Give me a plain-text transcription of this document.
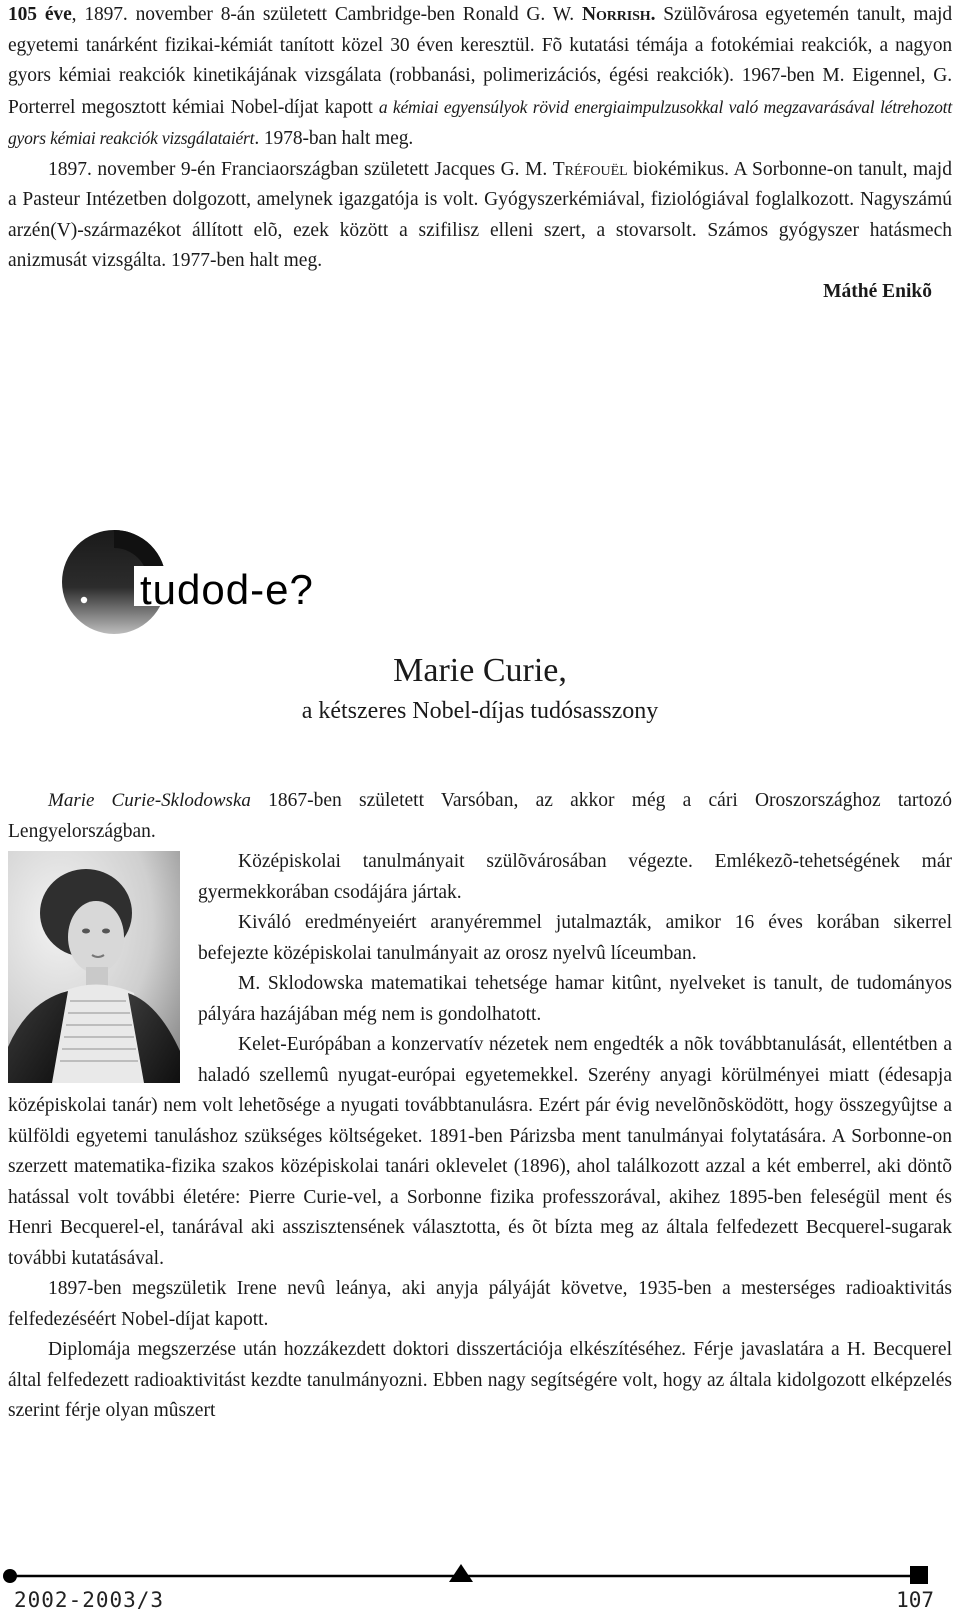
105 éve, 1897. november 8-án született Cambridge-ben Ronald G. W. Norrish. Szülõvárosa egyetemén tanult, majd egyetemi tanárként fizikai-kémiát tanított közel 30 éven keresztül. Fõ kutatási témája a fotokémiai reakciók, a nagyon gyors kémiai reakciók kinetikájának vizsgálata (robbanási, polimerizációs, égési reakciók). 1967-ben M. Eigennel, G. Porterrel megosztott kémiai Nobel-díjat kapott a kémiai egyensúlyok rövid energiaimpulzusokkal való megzavarásával létrehozott gyors kémiai reakciók vizsgálataiért. 1978-ban halt meg.

1897. november 9-én Franciaországban született Jacques G. M. Tréfouël biokémikus. A Sorbonne-on tanult, majd a Pasteur Intézetben dolgozott, amelynek igazgatója is volt. Gyógyszerkémiával, fiziológiával foglalkozott. Nagyszámú arzén(V)-származékot állított elõ, ezek között a szifilisz elleni szert, a stovarsolt. Számos gyógyszer hatásmech anizmusát vizsgálta. 1977-ben halt meg.

Máthé Enikõ

tudod-e?
Marie Curie,
a kétszeres Nobel-díjas tudósasszony

Marie Curie-Sklodowska 1867-ben született Varsóban, az akkor még a cári Oroszországhoz tartozó Lengyelországban.

Középiskolai tanulmányait szülõvárosában végezte. Emlékezõ-tehetségének már gyermekkorában csodájára jártak.

Kiváló eredményeiért aranyéremmel jutalmazták, amikor 16 éves korában sikerrel befejezte középiskolai tanulmányait az orosz nyelvû líceumban.

M. Sklodowska matematikai tehetsége hamar kitûnt, nyelveket is tanult, de tudományos pályára hazájában még nem is gondolhatott.

Kelet-Európában a konzervatív nézetek nem engedték a nõk továbbtanulását, ellentétben a haladó szellemû nyugat-európai egyetemekkel. Szerény anyagi körülményei miatt (édesapja középiskolai tanár) nem volt lehetõsége a nyugati továbbtanulásra. Ezért pár évig nevelõnõsködött, hogy összegyûjtse a külföldi egyetemi tanuláshoz szükséges költségeket. 1891-ben Párizsba ment tanulmányai folytatására. A Sorbonne-on szerzett matematika-fizika szakos középiskolai tanári oklevelet (1896), ahol találkozott azzal a két emberrel, aki döntõ hatással volt további életére: Pierre Curie-vel, a Sorbonne fizika professzorával, akihez 1895-ben feleségül ment és Henri Becquerel-el, tanárával aki asszisztensének választotta, és õt bízta meg az általa felfedezett Becquerel-sugarak további kutatásával.

1897-ben megszületik Irene nevû leánya, aki anyja pályáját követve, 1935-ben a mesterséges radioaktivitás felfedezéséért Nobel-díjat kapott.

Diplomája megszerzése után hozzákezdett doktori disszertációja elkészítéséhez. Férje javaslatára a H. Becquerel által felfedezett radioaktivitást kezdte tanulmányozni. Ebben nagy segítségére volt, hogy az általa kidolgozott elképzelés szerint férje olyan mûszert

2002-2003/3	107
